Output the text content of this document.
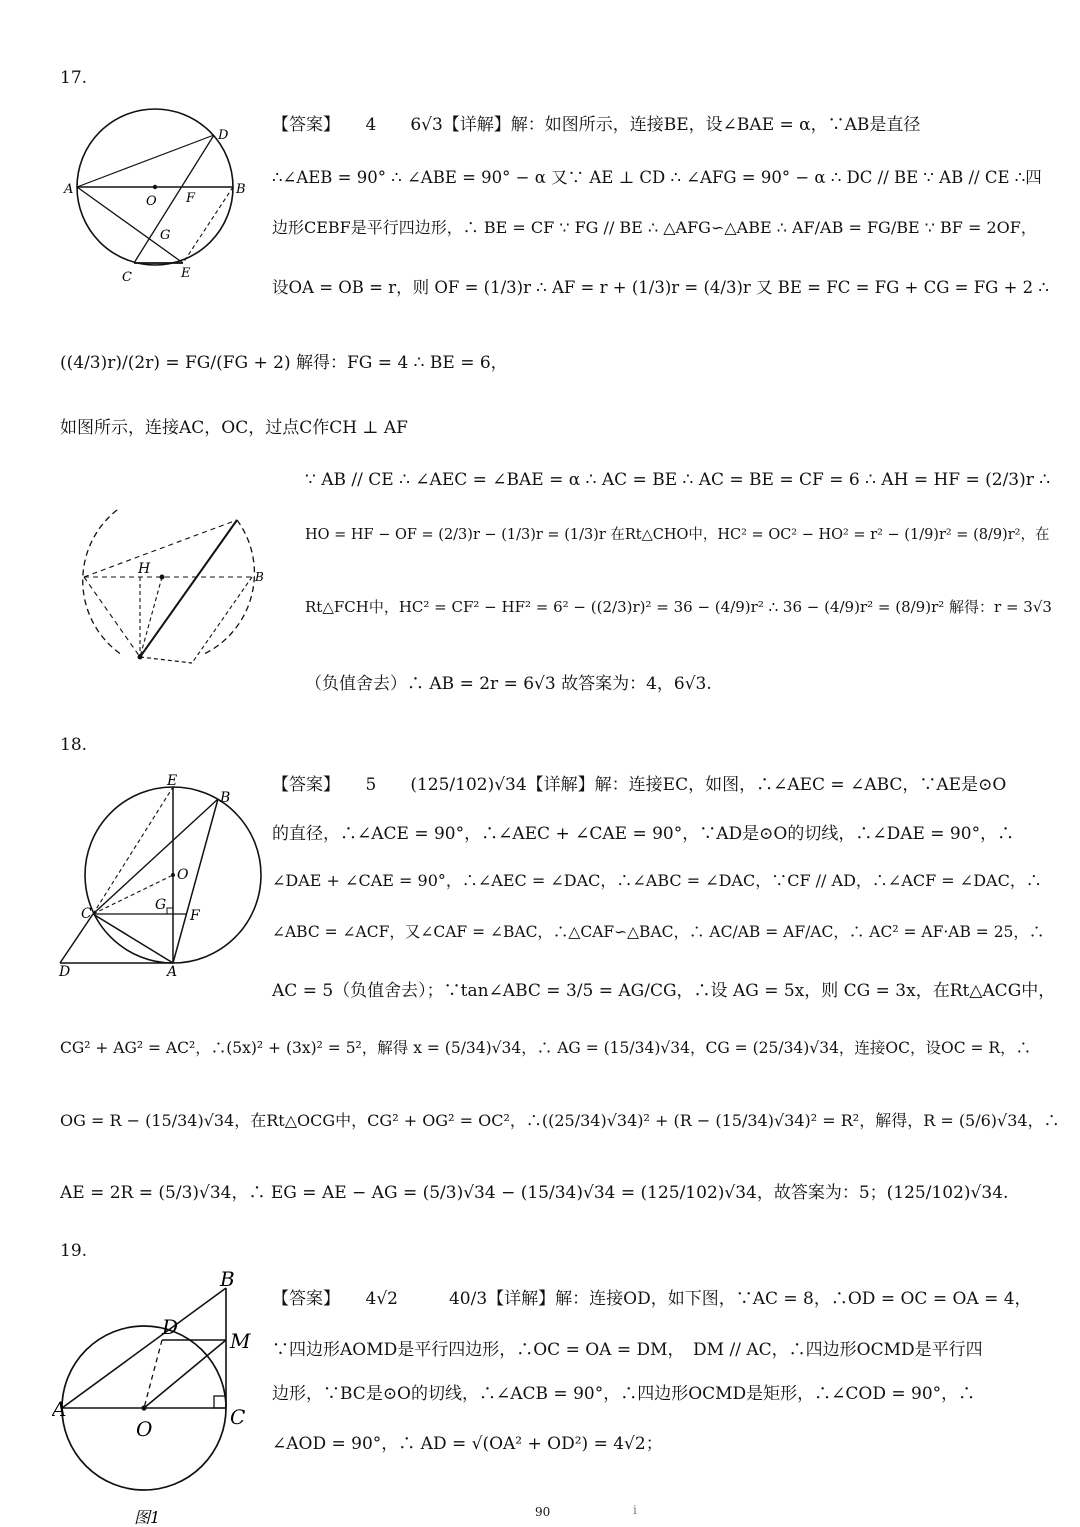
17.
A	B
D
O F
G
C	E
【答案】　　4　　6√3【详解】解：如图所示，连接BE，设∠BAE = α，∵AB是直径
∴∠AEB = 90° ∴ ∠ABE = 90° − α 又∵ AE ⊥ CD ∴ ∠AFG = 90° − α ∴ DC // BE ∵ AB // CE ∴四
边形CEBF是平行四边形，∴ BE = CF ∵ FG // BE ∴ △AFG∽△ABE ∴ AF/AB = FG/BE ∵ BF = 2OF，
设OA = OB = r，则 OF = (1/3)r ∴ AF = r + (1/3)r = (4/3)r 又 BE = FC = FG + CG = FG + 2 ∴
((4/3)r)/(2r) = FG/(FG + 2) 解得：FG = 4 ∴ BE = 6，
如图所示，连接AC，OC，过点C作CH ⊥ AF
H	B
∵ AB // CE ∴ ∠AEC = ∠BAE = α ∴ AC = BE ∴ AC = BE = CF = 6 ∴ AH = HF = (2/3)r ∴
HO = HF − OF = (2/3)r − (1/3)r = (1/3)r 在Rt△CHO中，HC² = OC² − HO² = r² − (1/9)r² = (8/9)r²，在
Rt△FCH中，HC² = CF² − HF² = 6² − ((2/3)r)² = 36 − (4/9)r² ∴ 36 − (4/9)r² = (8/9)r² 解得：r = 3√3
（负值舍去）∴ AB = 2r = 6√3 故答案为：4，6√3.
18.
E
B
O
C
G
F
D	A
【答案】　　5　　(125/102)√34【详解】解：连接EC，如图，∴∠AEC = ∠ABC，∵AE是⊙O
的直径，∴∠ACE = 90°，∴∠AEC + ∠CAE = 90°，∵AD是⊙O的切线，∴∠DAE = 90°，∴
∠DAE + ∠CAE = 90°，∴∠AEC = ∠DAC，∴∠ABC = ∠DAC，∵CF // AD，∴∠ACF = ∠DAC，∴
∠ABC = ∠ACF，又∠CAF = ∠BAC，∴△CAF∽△BAC，∴ AC/AB = AF/AC，∴ AC² = AF·AB = 25，∴
AC = 5（负值舍去）；∵tan∠ABC = 3/5 = AG/CG，∴设 AG = 5x，则 CG = 3x，在Rt△ACG中，
CG² + AG² = AC²，∴(5x)² + (3x)² = 5²，解得 x = (5/34)√34，∴ AG = (15/34)√34，CG = (25/34)√34，连接OC，设OC = R，∴
OG = R − (15/34)√34，在Rt△OCG中，CG² + OG² = OC²，∴((25/34)√34)² + (R − (15/34)√34)² = R²，解得，R = (5/6)√34，∴
AE = 2R = (5/3)√34，∴ EG = AE − AG = (5/3)√34 − (15/34)√34 = (125/102)√34，故答案为：5；(125/102)√34.
19.
B
D
M
A
O	C
图1
【答案】　　4√2　　　40/3【详解】解：连接OD，如下图，∵AC = 8，∴OD = OC = OA = 4，
∵四边形AOMD是平行四边形，∴OC = OA = DM，　DM // AC，∴四边形OCMD是平行四
边形，∵BC是⊙O的切线，∴∠ACB = 90°，∴四边形OCMD是矩形，∴∠COD = 90°，∴
∠AOD = 90°，∴ AD = √(OA² + OD²) = 4√2；
90	i
